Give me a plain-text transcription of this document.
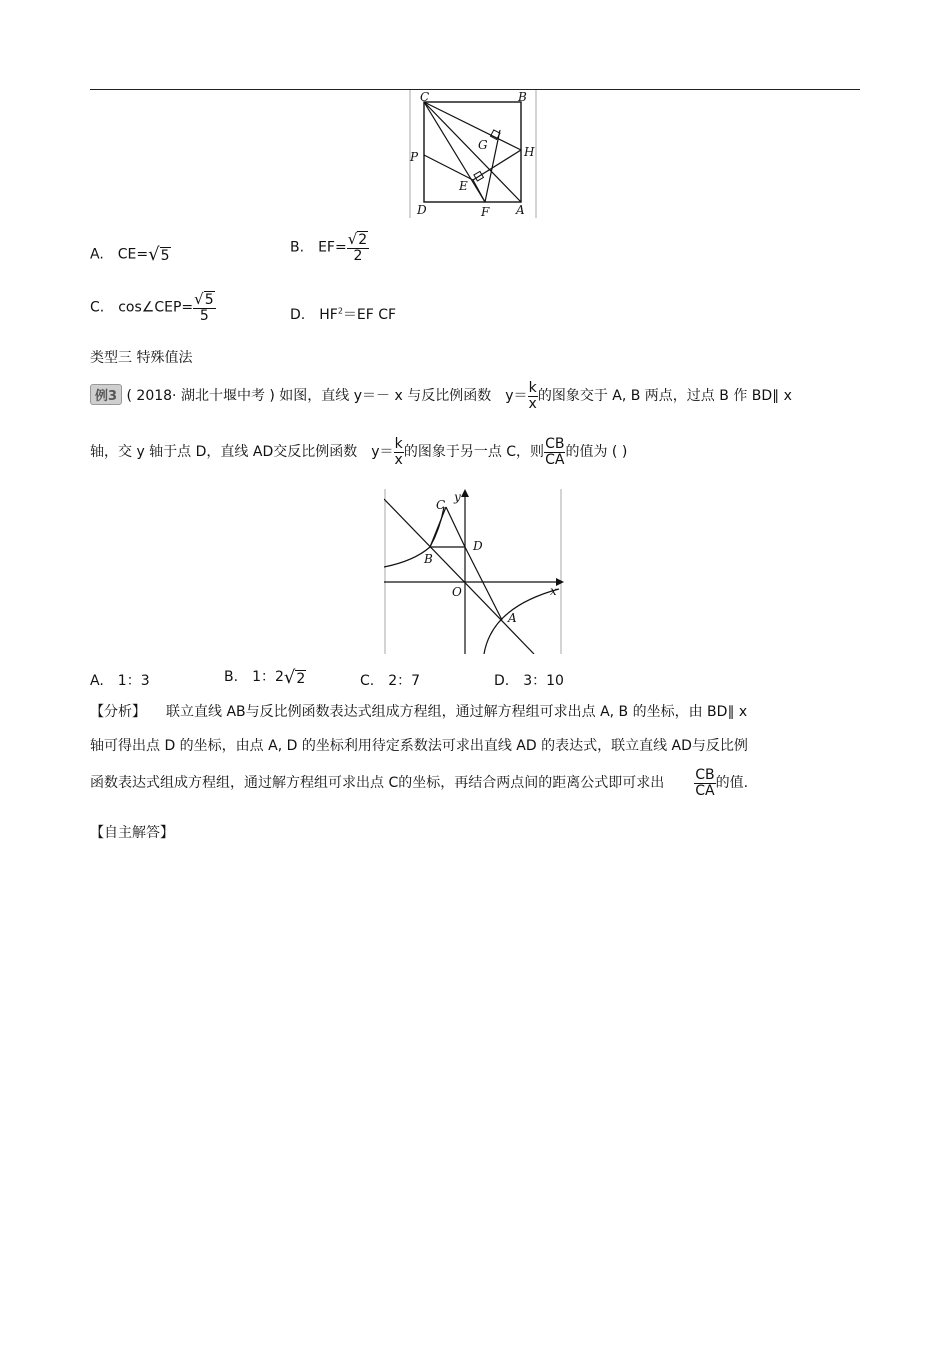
C	B
G	H
P
E
D	F A
A. CE=√5
B. $EF= \frac{√2}{2}$
C. cos∠CEP= $\frac{√5}{5}$	D. $HF^2=EF$ CF
类型三 特殊值法
例3 ( 2018· 湖北十堰中考 ) 如图，直线 y＝－ x 与反比例函数 $y= \frac{k}{x}$ 的图象交于 A, B 两点，过点 B 作 BD∥ x
轴，交 y 轴于点 D，直线 AD交反比例函数 $y= \frac{k}{x}$ 的图象于另一点 C，则 $\frac{CB}{CA}$ 的值为 ( )
C
y
B
D
O	x
A
A. 1：3	B. 1：2√2	C. 2：7	D. 3：10
【分析】 联立直线 AB与反比例函数表达式组成方程组，通过解方程组可求出点 A, B 的坐标，由 BD∥ x
轴可得出点 D 的坐标，由点 A, D 的坐标利用待定系数法可求出直线 AD 的表达式，联立直线 AD与反比例
函数表达式组成方程组，通过解方程组可求出点 C的坐标，再结合两点间的距离公式即可求出 $\frac{CB}{CA}$ 的值.
【自主解答】
